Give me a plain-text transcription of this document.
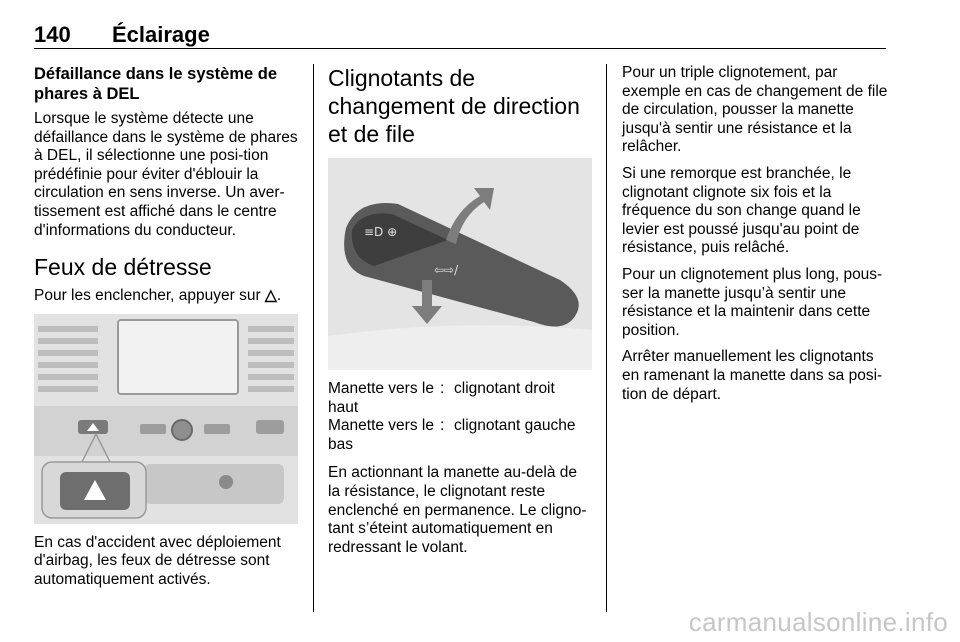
140 Éclairage
Défaillance dans le système de phares à DEL

Lorsque le système détecte une défaillance dans le système de phares à DEL, il sélectionne une posi-tion prédéfinie pour éviter d'éblouir la circulation en sens inverse. Un aver-tissement est affiché dans le centre d'informations du conducteur.

Feux de détresse

Pour les enclencher, appuyer sur △.

En cas d'accident avec déploiement d'airbag, les feux de détresse sont automatiquement activés.

Clignotants de changement de direction et de file
≡D ⊕
⇦⇨/
Manette vers le haut	:	clignotant droit
Manette vers le bas	:	clignotant gauche

En actionnant la manette au-delà de la résistance, le clignotant reste enclenché en permanence. Le cligno-tant s’éteint automatiquement en redressant le volant.

Pour un triple clignotement, par exemple en cas de changement de file de circulation, pousser la manette jusqu'à sentir une résistance et la relâcher.

Si une remorque est branchée, le clignotant clignote six fois et la fréquence du son change quand le levier est poussé jusqu'au point de résistance, puis relâché.

Pour un clignotement plus long, pous-ser la manette jusqu’à sentir une résistance et la maintenir dans cette position.

Arrêter manuellement les clignotants en ramenant la manette dans sa posi-tion de départ.

carmanualsonline.info
